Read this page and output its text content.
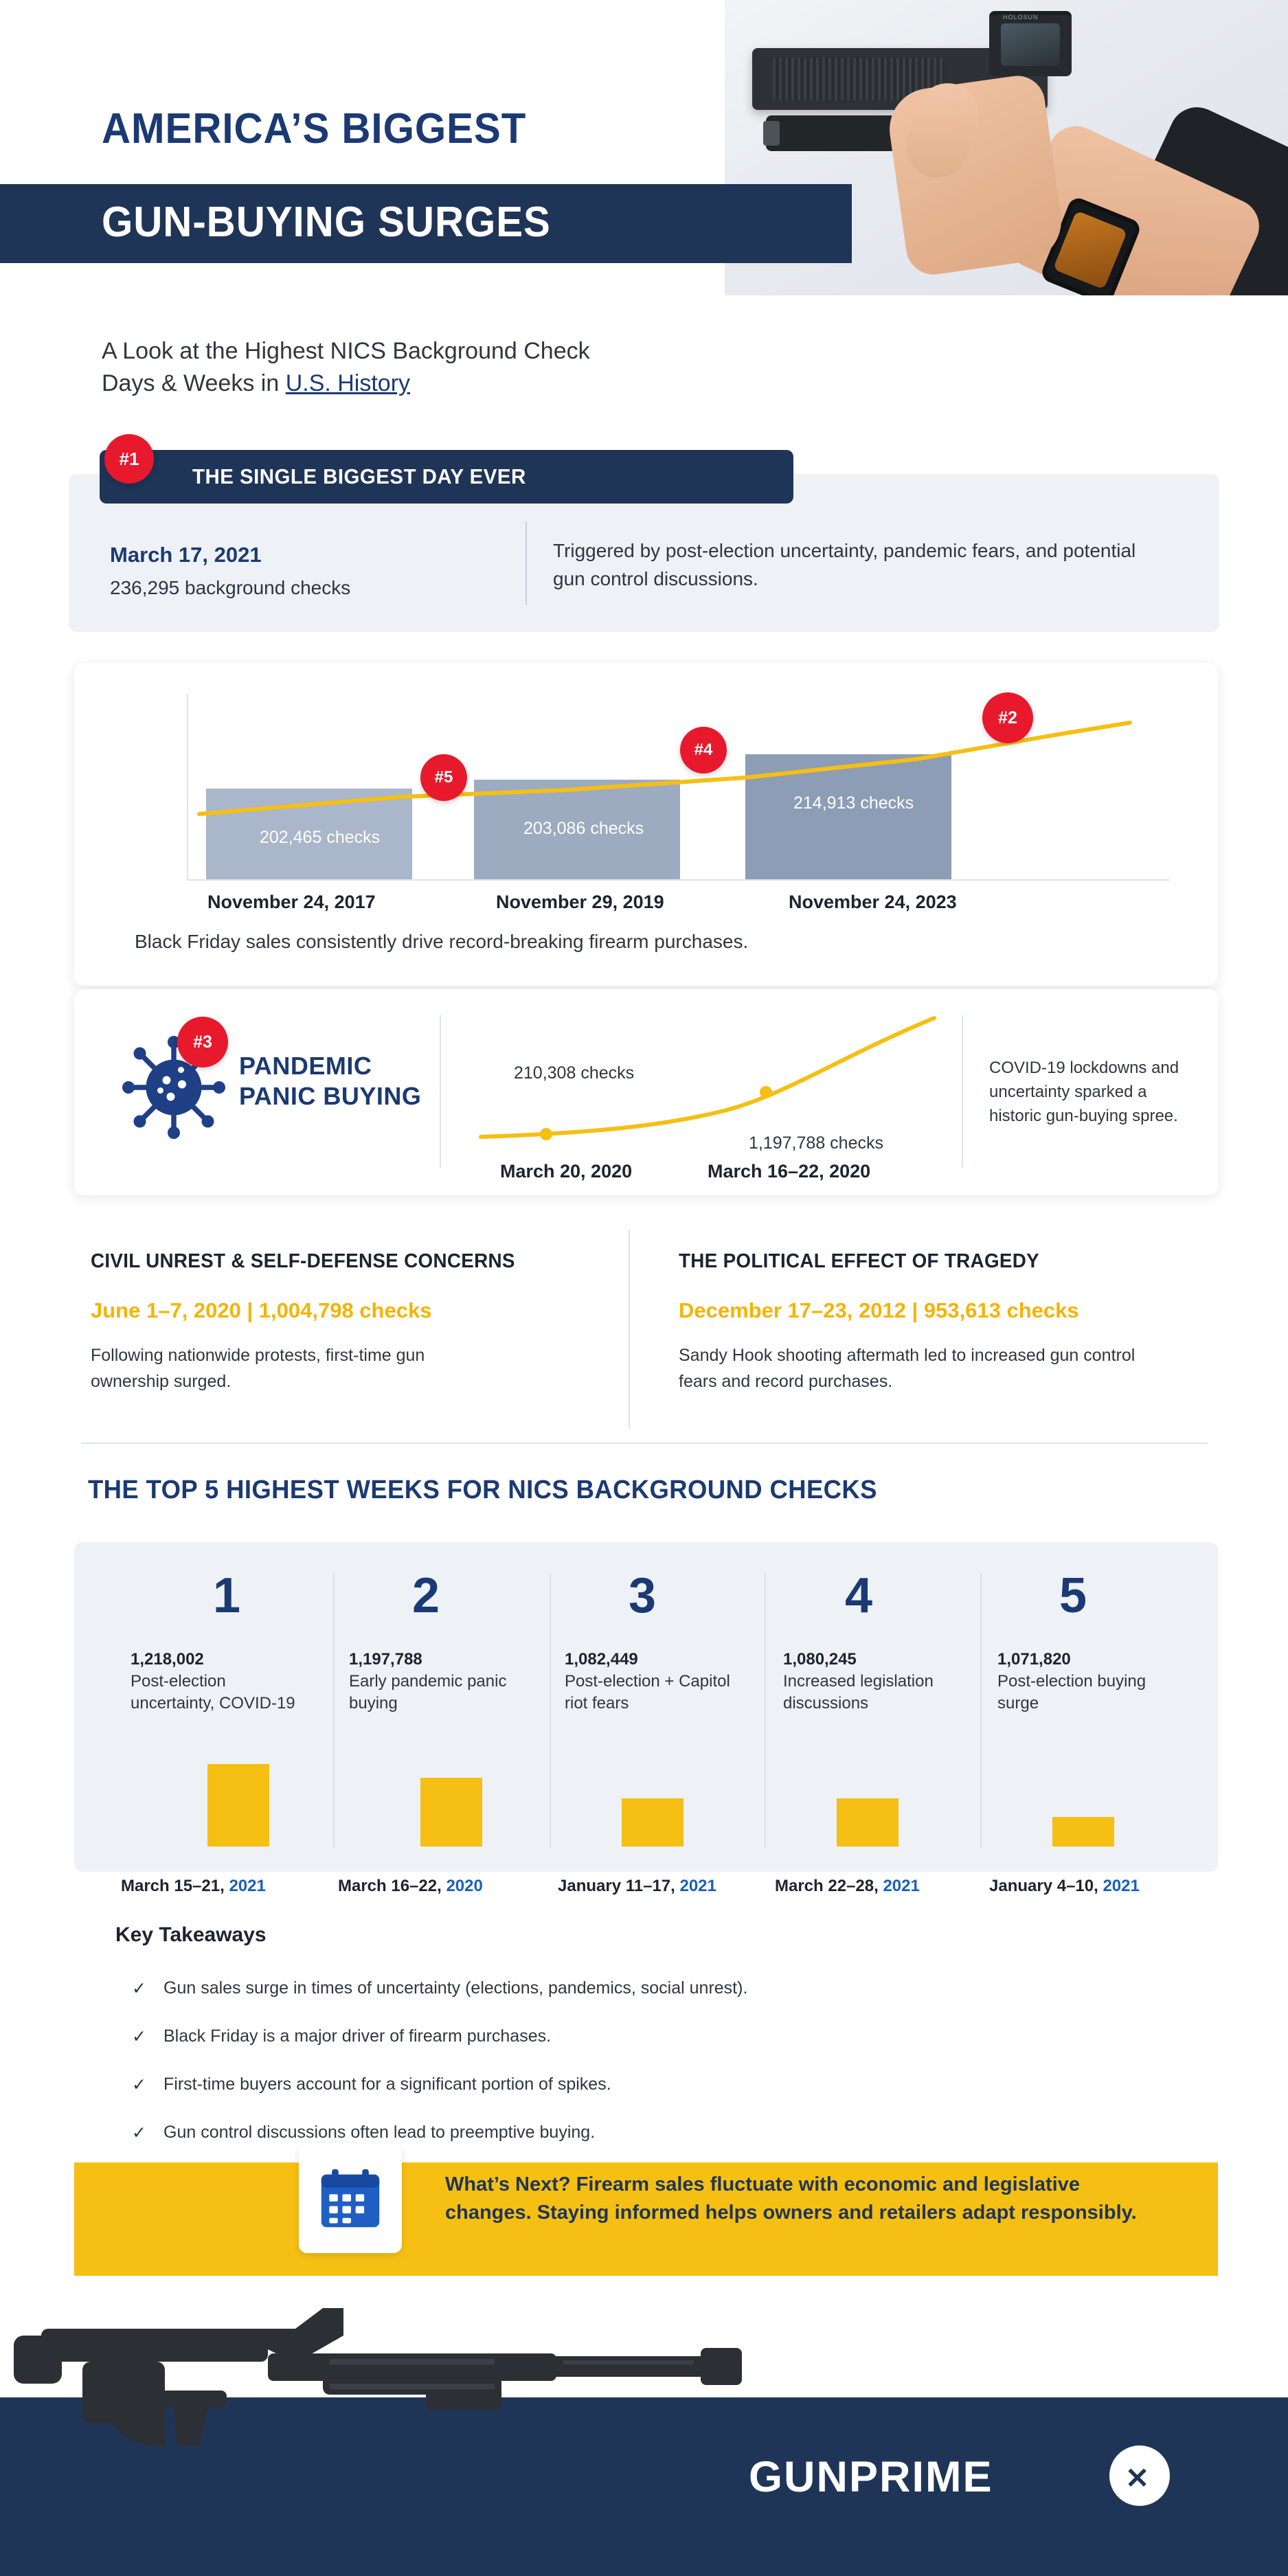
HOLOSUN
AMERICA’S BIGGEST
GUN-BUYING SURGES
A Look at the Highest NICS Background Check
Days & Weeks in U.S. History
THE SINGLE BIGGEST DAY EVER
#1
March 17, 2021
236,295 background checks
Triggered by post-election uncertainty, pandemic fears, and potential gun control discussions.
202,465 checks	203,086 checks
214,913 checks
November 24, 2017	November 29, 2019	November 24, 2023
#5
#4
#2
Black Friday sales consistently drive record-breaking firearm purchases.
#3
PANDEMIC
PANIC BUYING
210,308 checks
1,197,788 checks
March 20, 2020	March 16–22, 2020
COVID-19 lockdowns and uncertainty sparked a historic gun-buying spree.
CIVIL UNREST & SELF-DEFENSE CONCERNS
June 1–7, 2020 | 1,004,798 checks
Following nationwide protests, first-time gun ownership surged.
THE POLITICAL EFFECT OF TRAGEDY
December 17–23, 2012 | 953,613 checks
Sandy Hook shooting aftermath led to increased gun control fears and record purchases.
THE TOP 5 HIGHEST WEEKS FOR NICS BACKGROUND CHECKS
1
1,218,002
Post-election uncertainty, COVID-19
March 15–21, 2021
2
1,197,788
Early pandemic panic buying
March 16–22, 2020
3
1,082,449
Post-election + Capitol riot fears
January 11–17, 2021
4
1,080,245
Increased legislation discussions
March 22–28, 2021
5
1,071,820
Post-election buying surge
January 4–10, 2021
Key Takeaways
✓ Gun sales surge in times of uncertainty (elections, pandemics, social unrest).
✓ Black Friday is a major driver of firearm purchases.
✓ First-time buyers account for a significant portion of spikes.
✓ Gun control discussions often lead to preemptive buying.
What’s Next? Firearm sales fluctuate with economic and legislative changes. Staying informed helps owners and retailers adapt responsibly.
GUNPRIME	✕
